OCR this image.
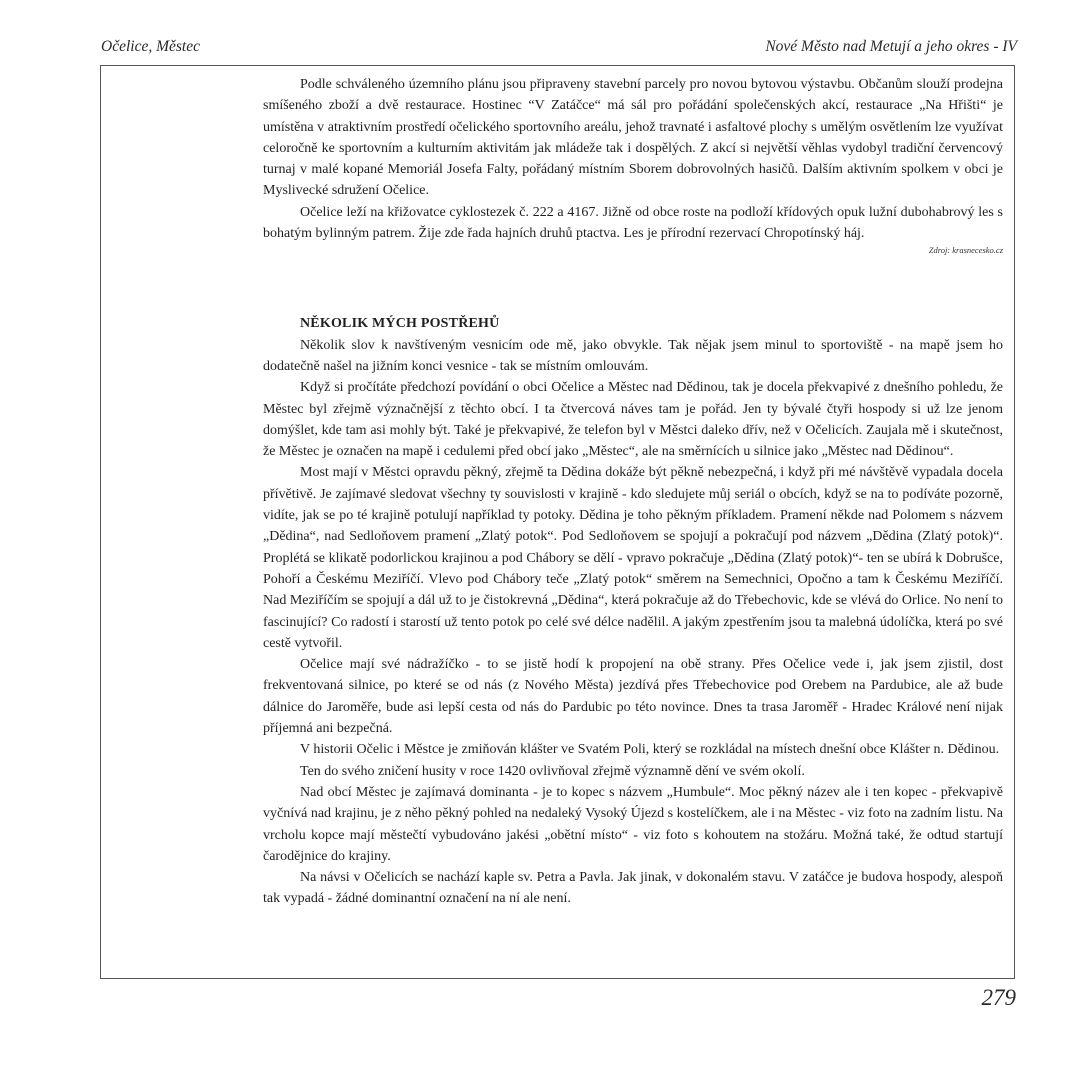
Očelice, Městec	Nové Město nad Metují a jeho okres - IV

Podle schváleného územního plánu jsou připraveny stavební parcely pro novou bytovou výstavbu. Občanům slouží prodejna smíšeného zboží a dvě restaurace. Hostinec “V Zatáčce“ má sál pro pořádání společenských akcí, restaurace „Na Hřišti“ je umístěna v atraktivním prostředí očelického sportovního areálu, jehož travnaté i asfaltové plochy s umělým osvětlením lze využívat celoročně ke sportovním a kulturním aktivitám jak mládeže tak i dospělých. Z akcí si největší věhlas vydobyl tradiční červencový turnaj v malé kopané Memoriál Josefa Falty, pořádaný místním Sborem dobrovolných hasičů. Dalším aktivním spolkem v obci je Myslivecké sdružení Očelice.

Očelice leží na křižovatce cyklostezek č. 222 a 4167. Jižně od obce roste na podloží křídových opuk lužní dubohabrový les s bohatým bylinným patrem. Žije zde řada hajních druhů ptactva. Les je přírodní rezervací Chropotínský háj.

Zdroj: krasnecesko.cz
NĚKOLIK MÝCH POSTŘEHŮ

Několik slov k navštíveným vesnicím ode mě, jako obvykle. Tak nějak jsem minul to sportoviště - na mapě jsem ho dodatečně našel na jižním konci vesnice - tak se místním omlouvám.

Když si pročítáte předchozí povídání o obci Očelice a Městec nad Dědinou, tak je docela překvapivé z dnešního pohledu, že Městec byl zřejmě význačnější z těchto obcí. I ta čtvercová náves tam je pořád. Jen ty bývalé čtyři hospody si už lze jenom domýšlet, kde tam asi mohly být. Také je překvapivé, že telefon byl v Městci daleko dřív, než v Očelicích. Zaujala mě i skutečnost, že Městec je označen na mapě i cedulemi před obcí jako „Městec“, ale na směrnících u silnice jako „Městec nad Dědinou“.

Most mají v Městci opravdu pěkný, zřejmě ta Dědina dokáže být pěkně nebezpečná, i když při mé návštěvě vypadala docela přívětivě. Je zajímavé sledovat všechny ty souvislosti v krajině - kdo sledujete můj seriál o obcích, když se na to podíváte pozorně, vidíte, jak se po té krajině potulují například ty potoky. Dědina je toho pěkným příkladem. Pramení někde nad Polomem s názvem „Dědina“, nad Sedloňovem pramení „Zlatý potok“. Pod Sedloňovem se spojují a pokračují pod názvem „Dědina (Zlatý potok)“. Proplétá se klikatě podorlickou krajinou a pod Chábory se dělí - vpravo pokračuje „Dědina (Zlatý potok)“- ten se ubírá k Dobrušce, Pohoří a Českému Meziříčí. Vlevo pod Chábory teče „Zlatý potok“ směrem na Semechnici, Opočno a tam k Českému Meziříčí. Nad Meziříčím se spojují a dál už to je čistokrevná „Dědina“, která pokračuje až do Třebechovic, kde se vlévá do Orlice. No není to fascinující? Co radostí i starostí už tento potok po celé své délce nadělil. A jakým zpestřením jsou ta malebná údolíčka, která po své cestě vytvořil.

Očelice mají své nádražíčko - to se jistě hodí k propojení na obě strany. Přes Očelice vede i, jak jsem zjistil, dost frekventovaná silnice, po které se od nás (z Nového Města) jezdívá přes Třebechovice pod Orebem na Pardubice, ale až bude dálnice do Jaroměře, bude asi lepší cesta od nás do Pardubic po této novince. Dnes ta trasa Jaroměř - Hradec Králové není nijak příjemná ani bezpečná.

V historii Očelic i Městce je zmiňován klášter ve Svatém Poli, který se rozkládal na místech dnešní obce Klášter n. Dědinou.

Ten do svého zničení husity v roce 1420 ovlivňoval zřejmě významně dění ve svém okolí.

Nad obcí Městec je zajímavá dominanta - je to kopec s názvem „Humbule“. Moc pěkný název ale i ten kopec - překvapivě vyčnívá nad krajinu, je z něho pěkný pohled na nedaleký Vysoký Újezd s kostelíčkem, ale i na Městec - viz foto na zadním listu. Na vrcholu kopce mají městečtí vybudováno jakési „obětní místo“ - viz foto s kohoutem na stožáru. Možná také, že odtud startují čarodějnice do krajiny.

Na návsi v Očelicích se nachází kaple sv. Petra a Pavla. Jak jinak, v dokonalém stavu. V zatáčce je budova hospody, alespoň tak vypadá - žádné dominantní označení na ní ale není.

279
